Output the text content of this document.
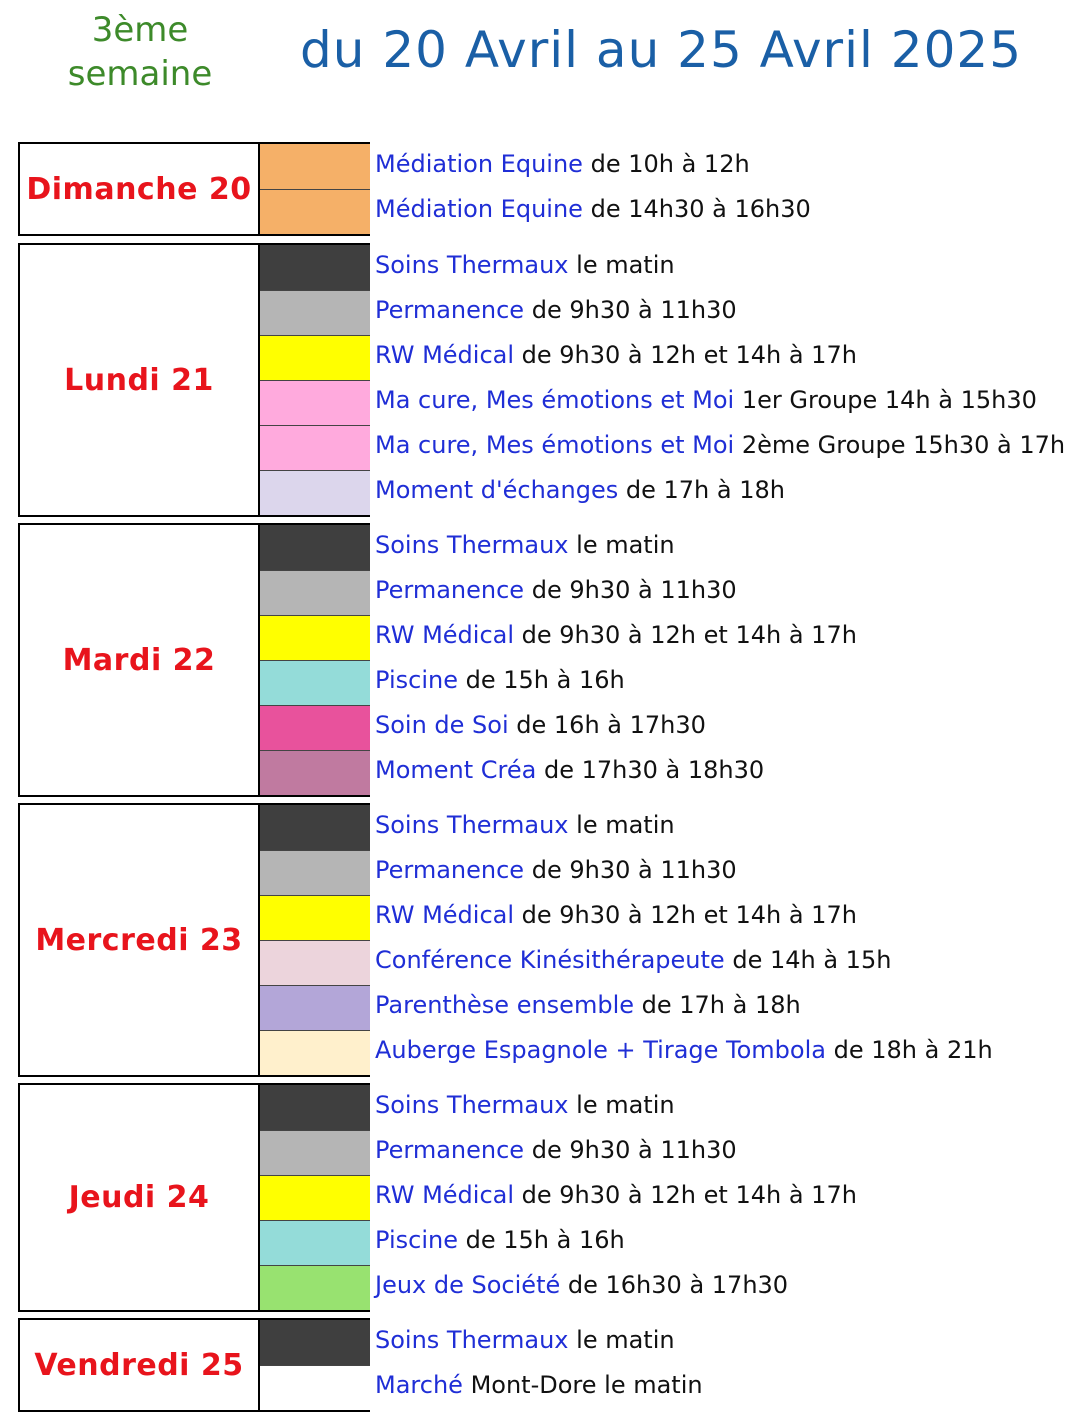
3ème semaine	du 20 Avril au 25 Avril 2025
Médiation Equine de 10h à 12h
Médiation Equine de 14h30 à 16h30
Dimanche 20
Soins Thermaux le matin
Permanence de 9h30 à 11h30
RW Médical de 9h30 à 12h et 14h à 17h
Ma cure, Mes émotions et Moi 1er Groupe 14h à 15h30
Ma cure, Mes émotions et Moi 2ème Groupe 15h30 à 17h
Moment d'échanges de 17h à 18h
Lundi 21
Soins Thermaux le matin
Permanence de 9h30 à 11h30
RW Médical de 9h30 à 12h et 14h à 17h
Piscine de 15h à 16h
Soin de Soi de 16h à 17h30
Moment Créa de 17h30 à 18h30
Mardi 22
Soins Thermaux le matin
Permanence de 9h30 à 11h30
RW Médical de 9h30 à 12h et 14h à 17h
Conférence Kinésithérapeute de 14h à 15h
Parenthèse ensemble de 17h à 18h
Auberge Espagnole + Tirage Tombola de 18h à 21h
Mercredi 23
Soins Thermaux le matin
Permanence de 9h30 à 11h30
RW Médical de 9h30 à 12h et 14h à 17h
Piscine de 15h à 16h
Jeux de Société de 16h30 à 17h30
Jeudi 24
Soins Thermaux le matin
Marché Mont-Dore le matin
Vendredi 25
